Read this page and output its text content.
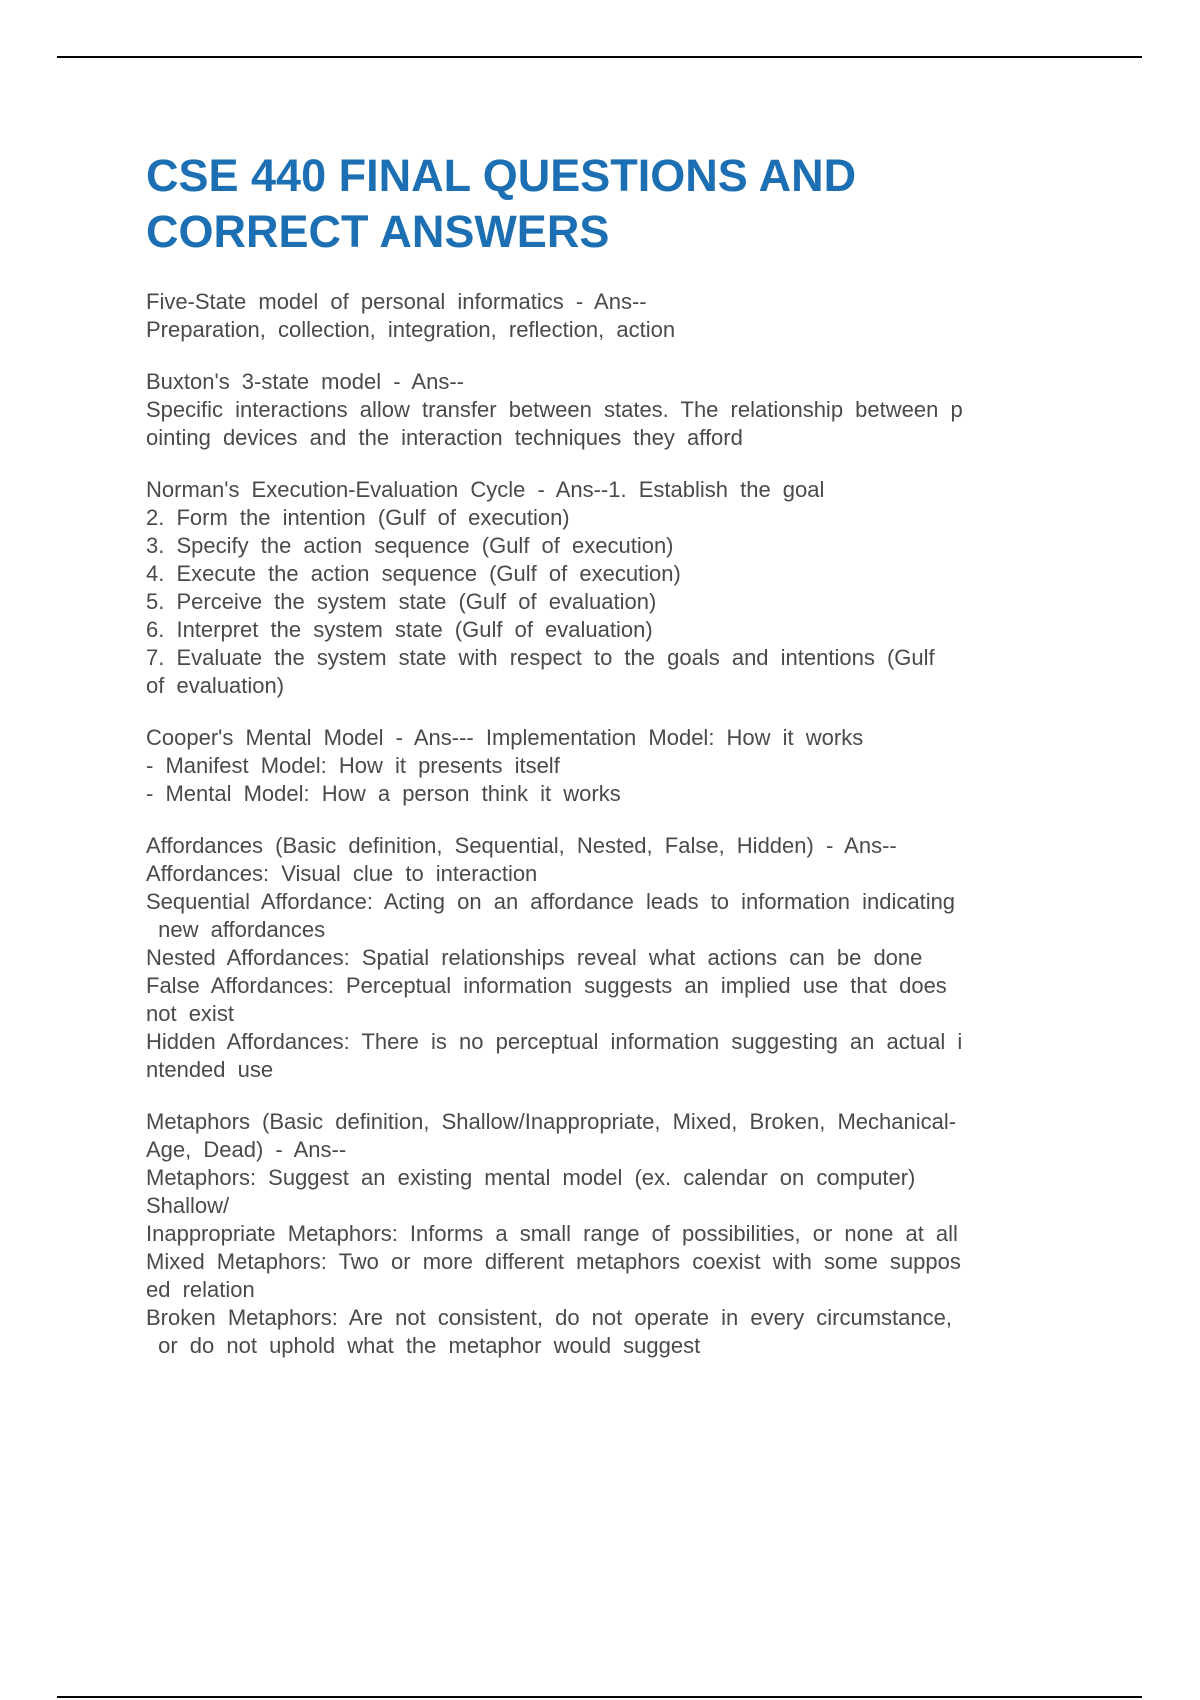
CSE 440 FINAL QUESTIONS AND
CORRECT ANSWERS
Five-State model of personal informatics - Ans--
Preparation, collection, integration, reflection, action
Buxton's 3-state model - Ans--
Specific interactions allow transfer between states. The relationship between p
ointing devices and the interaction techniques they afford
Norman's Execution-Evaluation Cycle - Ans--1. Establish the goal
2. Form the intention (Gulf of execution)
3. Specify the action sequence (Gulf of execution)
4. Execute the action sequence (Gulf of execution)
5. Perceive the system state (Gulf of evaluation)
6. Interpret the system state (Gulf of evaluation)
7. Evaluate the system state with respect to the goals and intentions (Gulf
of evaluation)
Cooper's Mental Model - Ans--- Implementation Model: How it works
- Manifest Model: How it presents itself
- Mental Model: How a person think it works
Affordances (Basic definition, Sequential, Nested, False, Hidden) - Ans--
Affordances: Visual clue to interaction
Sequential Affordance: Acting on an affordance leads to information indicating
new affordances
Nested Affordances: Spatial relationships reveal what actions can be done
False Affordances: Perceptual information suggests an implied use that does
not exist
Hidden Affordances: There is no perceptual information suggesting an actual i
ntended use
Metaphors (Basic definition, Shallow/Inappropriate, Mixed, Broken, Mechanical-
Age, Dead) - Ans--
Metaphors: Suggest an existing mental model (ex. calendar on computer)
Shallow/
Inappropriate Metaphors: Informs a small range of possibilities, or none at all
Mixed Metaphors: Two or more different metaphors coexist with some suppos
ed relation
Broken Metaphors: Are not consistent, do not operate in every circumstance,
or do not uphold what the metaphor would suggest
